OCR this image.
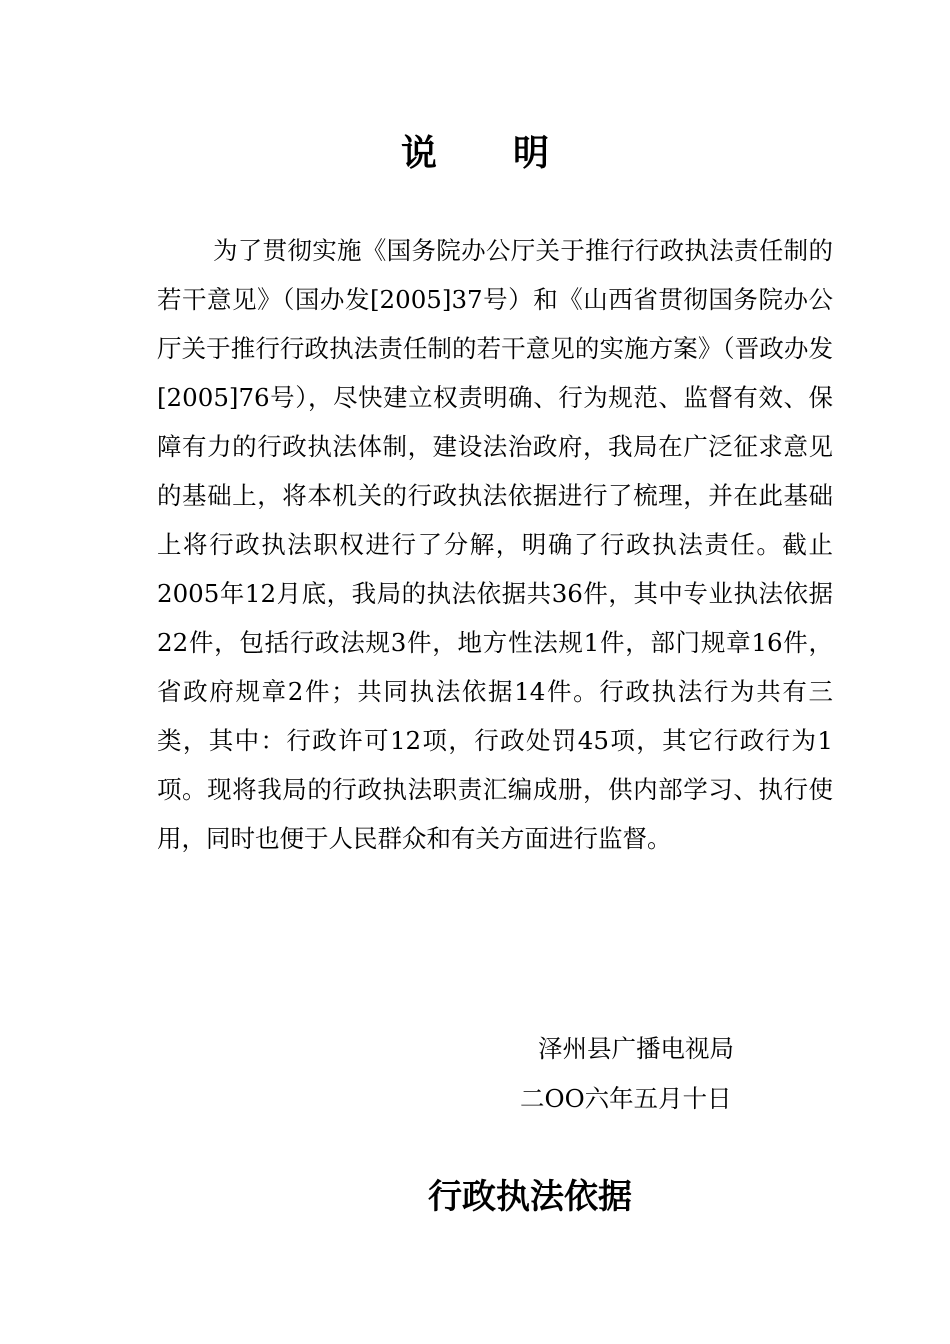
说明

为了贯彻实施《国务院办公厅关于推行行政执法责任制的若干意见》（国办发[2005]37号）和《山西省贯彻国务院办公厅关于推行行政执法责任制的若干意见的实施方案》（晋政办发[2005]76号），尽快建立权责明确、行为规范、监督有效、保障有力的行政执法体制，建设法治政府，我局在广泛征求意见的基础上，将本机关的行政执法依据进行了梳理，并在此基础上将行政执法职权进行了分解，明确了行政执法责任。截止2005年12月底，我局的执法依据共36件，其中专业执法依据22件，包括行政法规3件，地方性法规1件，部门规章16件，省政府规章2件；共同执法依据14件。行政执法行为共有三类，其中：行政许可12项，行政处罚45项，其它行政行为1项。现将我局的行政执法职责汇编成册，供内部学习、执行使用，同时也便于人民群众和有关方面进行监督。

泽州县广播电视局

二OO六年五月十日

行政执法依据
